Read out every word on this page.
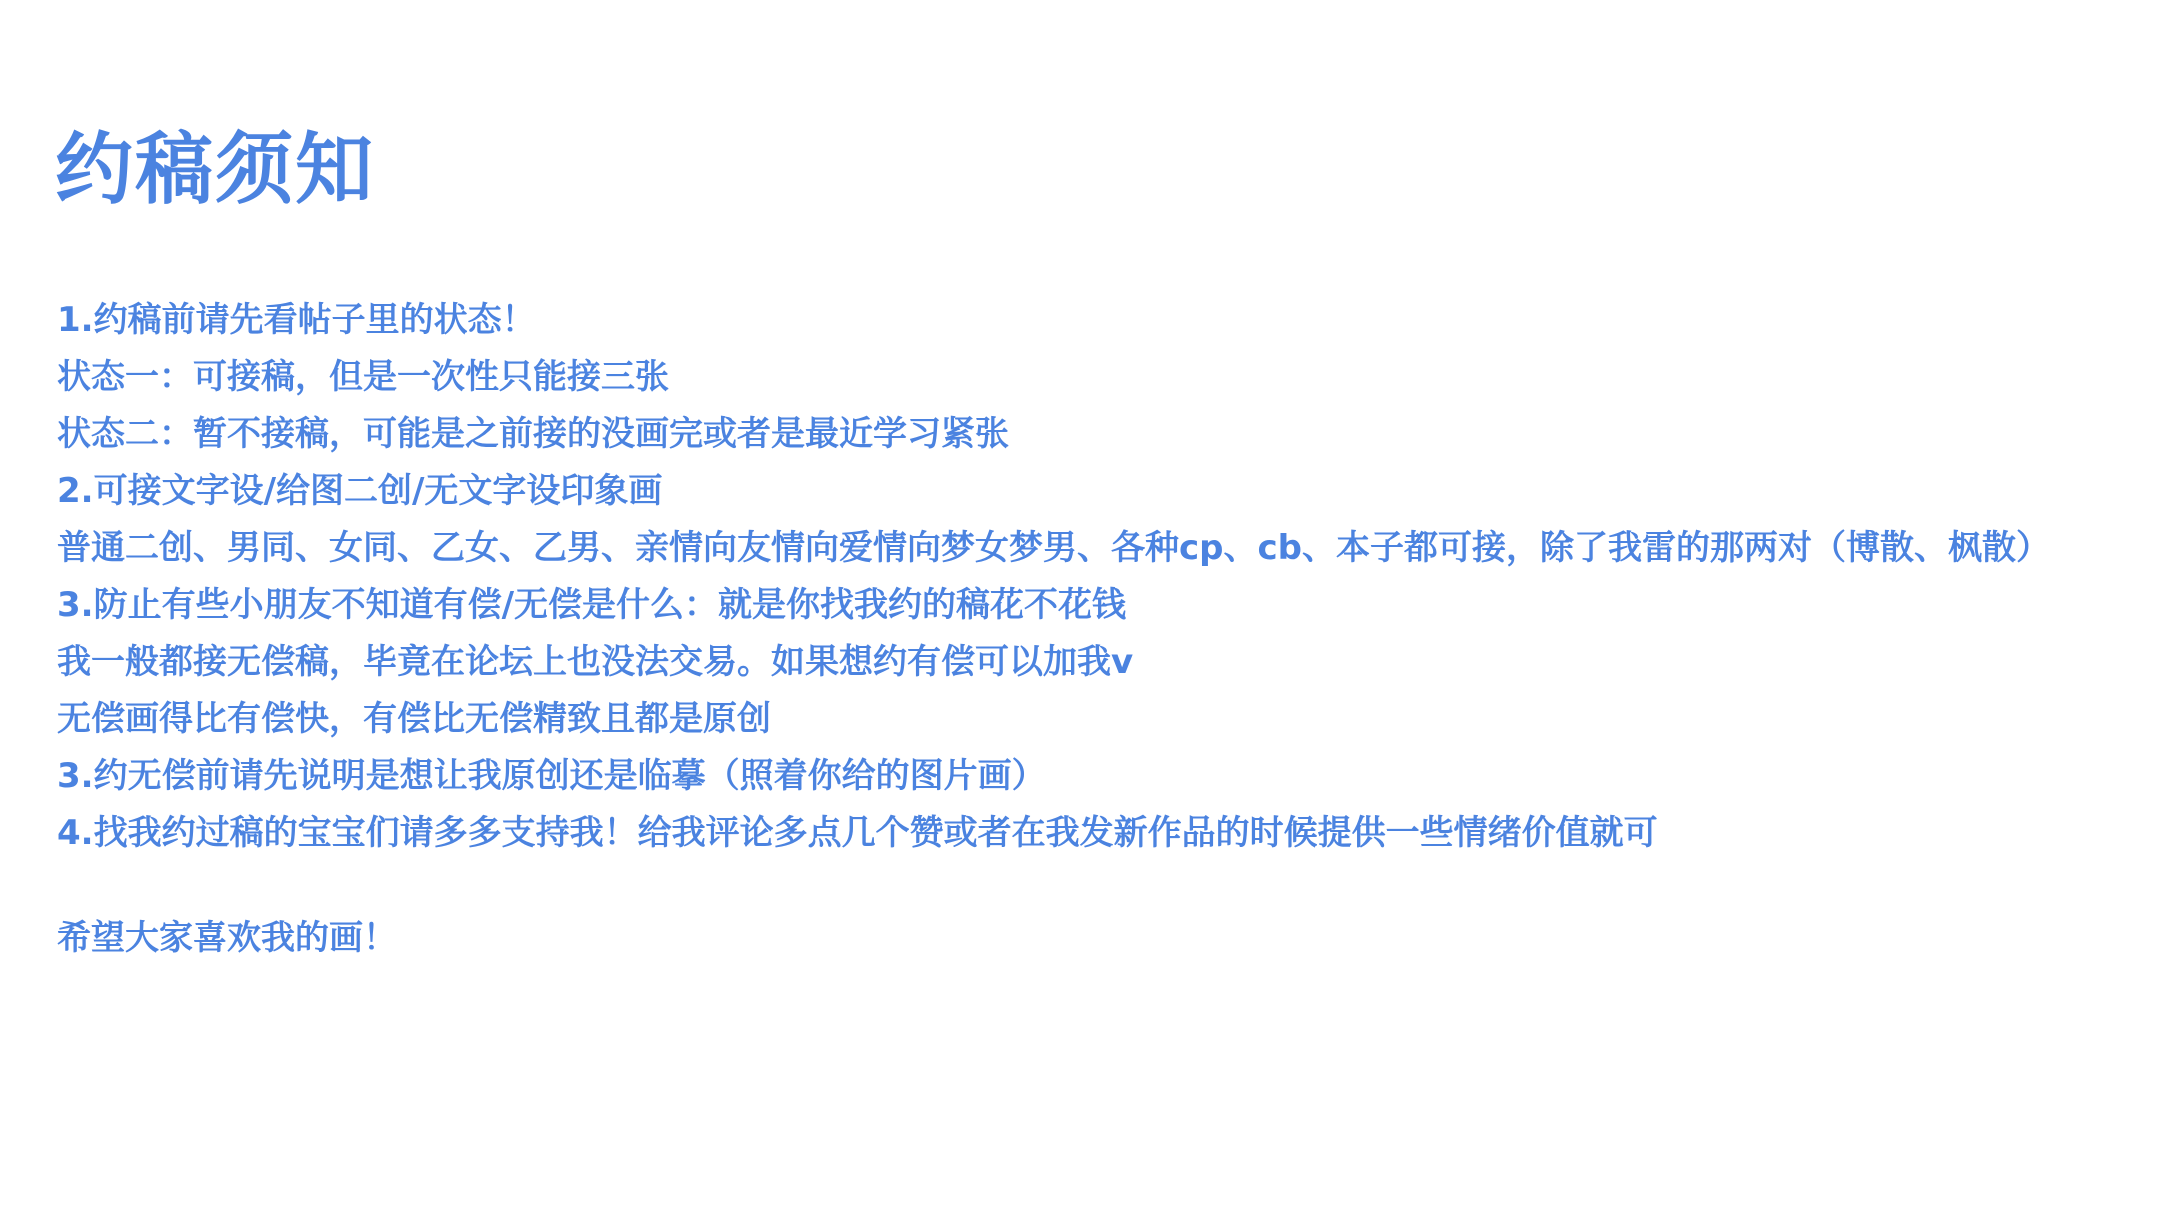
约稿须知
1.约稿前请先看帖子里的状态！
状态一：可接稿，但是一次性只能接三张
状态二：暂不接稿，可能是之前接的没画完或者是最近学习紧张
2.可接文字设/给图二创/无文字设印象画
普通二创、男同、女同、乙女、乙男、亲情向友情向爱情向梦女梦男、各种cp、cb、本子都可接，除了我雷的那两对（博散、枫散）
3.防止有些小朋友不知道有偿/无偿是什么：就是你找我约的稿花不花钱
我一般都接无偿稿，毕竟在论坛上也没法交易。如果想约有偿可以加我v
无偿画得比有偿快，有偿比无偿精致且都是原创
3.约无偿前请先说明是想让我原创还是临摹（照着你给的图片画）
4.找我约过稿的宝宝们请多多支持我！给我评论多点几个赞或者在我发新作品的时候提供一些情绪价值就可
希望大家喜欢我的画！
